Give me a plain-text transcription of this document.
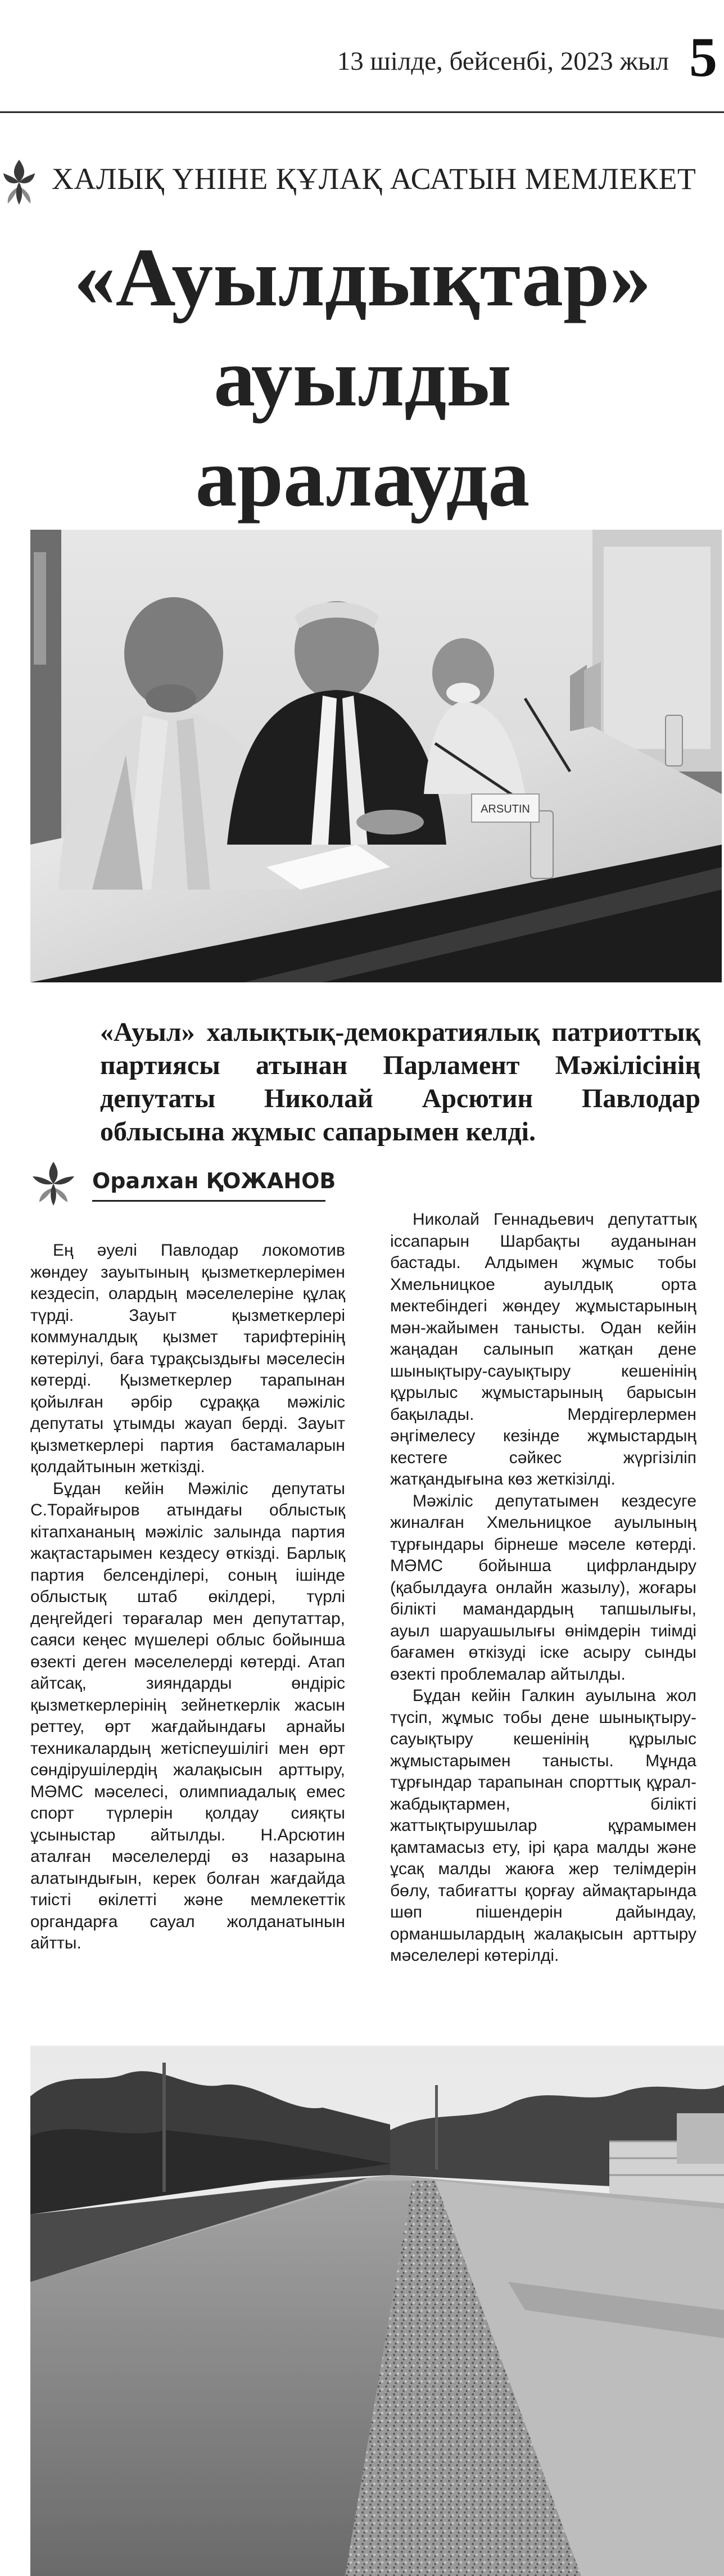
13 шілде, бейсенбі, 2023 жыл 5
ХАЛЫҚ ҮНІНЕ ҚҰЛАҚ АСАТЫН МЕМЛЕКЕТ
«Ауылдықтар»
ауылды
аралауда
ARSUTIN
«Ауыл» халықтық-демократиялық патриоттық партиясы атынан Парламент Мәжілісінің депутаты Николай Арсютин Павлодар облысына жұмыс сапарымен келді.
Оралхан ҚОЖАНОВ

Ең әуелі Павлодар локомотив жөндеу зауытының қызметкерлерімен кездесіп, олардың мәселелеріне құлақ түрді. Зауыт қызметкерлері коммуналдық қызмет тарифтерінің көтерілуі, баға тұрақсыздығы мәселесін көтерді. Қызметкерлер тарапынан қойылған әрбір сұраққа мәжіліс депутаты ұтымды жауап берді. Зауыт қызметкерлері партия бастамаларын қолдайтынын жеткізді.

Бұдан кейін Мәжіліс депутаты С.Торайғыров атындағы облыстық кітапхананың мәжіліс залында партия жақтастарымен кездесу өткізді. Барлық партия белсенділері, соның ішінде облыстық штаб өкілдері, түрлі деңгейдегі төрағалар мен депутаттар, саяси кеңес мүшелері облыс бойынша өзекті деген мәселелерді көтерді. Атап айтсақ, зияндарды өндіріс қызметкерлерінің зейнеткерлік жасын реттеу, өрт жағдайындағы арнайы техникалардың жетіспеушілігі мен өрт сөндірушілердің жалақысын арттыру, МӘМС мәселесі, олимпиадалық емес спорт түрлерін қолдау сияқты ұсыныстар айтылды. Н.Арсютин аталған мәселелерді өз назарына алатындығын, керек болған жағдайда тиісті өкілетті және мемлекеттік органдарға сауал жолданатынын айтты.

Николай Геннадьевич депутаттық іссапарын Шарбақты ауданынан бастады. Алдымен жұмыс тобы Хмельницкое ауылдық орта мектебіндегі жөндеу жұмыстарының мән-жайымен танысты. Одан кейін жаңадан салынып жатқан дене шынықтыру-сауықтыру кешенінің құрылыс жұмыстарының барысын бақылады. Мердігерлермен әңгімелесу кезінде жұмыстардың кестеге сәйкес жүргізіліп жатқандығына көз жеткізілді.

Мәжіліс депутатымен кездесуге жиналған Хмельницкое ауылының тұрғындары бірнеше мәселе көтерді. МӘМС бойынша цифрландыру (қабылдауға онлайн жазылу), жоғары білікті мамандардың тапшылығы, ауыл шаруашылығы өнімдерін тиімді бағамен өткізуді іске асыру сынды өзекті проблемалар айтылды.

Бұдан кейін Галкин ауылына жол түсіп, жұмыс тобы дене шынықтыру-сауықтыру кешенінің құрылыс жұмыстарымен танысты. Мұнда тұрғындар тарапынан спорттық құрал-жабдықтармен, білікті жаттықтырушылар құрамымен қамтамасыз ету, ірі қара малды және ұсақ малды жаюға жер телімдерін бөлу, табиғатты қорғау аймақтарында шөп пішендерін дайындау, орманшылардың жалақысын арттыру мәселелері көтерілді.
